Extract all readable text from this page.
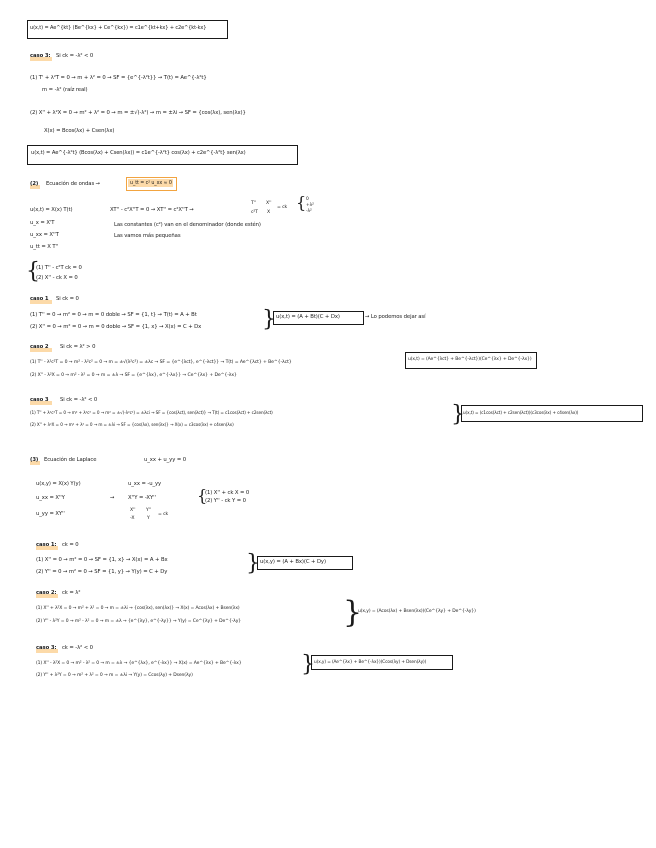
u(x,t) = Ae^{kt} (Be^{kx} + Ce^{kx}) = c1e^{kt+kx} + c2e^{kt-kx}
caso 3: Si ck = -λ² < 0
(1) T' + λ²T = 0 → m + λ² = 0 → SF = {e^{-λ²t}} → T(t) = Ae^{-λ²t}
m = -λ² (raíz real)
(2) X'' + λ²X = 0 → m² + λ² = 0 → m = ±√(-λ²) → m = ±λi → SF = {cos(λx), sen(λx)}
X(x) = Bcos(λx) + Csen(λx)
u(x,t) = Ae^{-λ²t} (Bcos(λx) + Csen(λx)) = c1e^{-λ²t} cos(λx) + c2e^{-λ²t} sen(λx)
(2) Ecuación de ondas →	u_tt = c² u_xx ≈ 0
u(x,t) = X(x) T(t)
u_x = X'T
u_xx = X''T
u_tt = X T''
XT'' - c²X''T = 0 → XT'' = c²X''T →
T''
c²T
X''
X
= ck { 0
+λ²
-λ²
Las constantes (c²) van en el denominador (donde estén)
Las vamos más pequeñas
{
(1) T'' - c²T ck = 0
(2) X'' - ck X = 0
caso 1 Si ck = 0
(1) T'' = 0 → m² = 0 → m = 0 doble → SF = {1, t} → T(t) = A + Bt
(2) X'' = 0 → m² = 0 → m = 0 doble → SF = {1, x} → X(x) = C + Dx	} u(x,t) = (A + Bt)(C + Dx)	→ Lo podemos dejar así
caso 2 Si ck = λ² > 0
(1) T'' - λ²c²T = 0 → m² - λ²c² = 0 → m = ±√(λ²c²) = ±λc → SF = {e^{λct}, e^{-λct}} → T(t) = Ae^{λct} + Be^{-λct}
(2) X'' - λ²X = 0 → m² - λ² = 0 → m = ±λ → SF = {e^{λx}, e^{-λx}} → Ce^{λx} + De^{-λx}
u(x,t) = (Ae^{λct} + Be^{-λct})(Ce^{λx} + De^{-λx})
caso 3 Si ck = -λ² < 0
(1) T'' + λ²c²T = 0 → m² + λ²c² = 0 → m² = ±√(-λ²c²) = ±λci → SF = {cos(λct), sen(λct)} → T(t) = c1cos(λct) + c2sen(λct)
(2) X'' + λ²X = 0 → m² + λ² = 0 → m = ±λi → SF = {cos(λx), sen(λx)} → X(x) = c3cos(λx) + c4sen(λx)	}
u(x,t) = (c1cos(λct) + c2sen(λct))(c3cos(λx) + c4sen(λx))
(3) Ecuación de Laplace	u_xx + u_yy = 0
u(x,y) = X(x) Y(y)	u_xx = -u_yy
u_xx = X''Y	→	X''Y = -XY''
u_yy = XY''
X'' Y''
-X	Y
= ck
{
(1) X'' + ck X = 0
(2) Y'' - ck Y = 0
caso 1: ck = 0
(1) X'' = 0 → m² = 0 → SF = {1, x} → X(x) = A + Bx
(2) Y'' = 0 → m² = 0 → SF = {1, y} → Y(y) = C + Dy	} u(x,y) = (A + Bx)(C + Dy)
caso 2: ck = λ²
(1) X'' + λ²X = 0 → m² + λ² = 0 → m = ±λi → {cos(λx), sen(λx)} → X(x) = Acos(λx) + Bsen(λx)
(2) Y'' - λ²Y = 0 → m² - λ² = 0 → m = ±λ → {e^{λy}, e^{-λy}} → Y(y) = Ce^{λy} + De^{-λy}	}
u(x,y) = (Acos(λx) + Bsen(λx))(Ce^{λy} + De^{-λy})
caso 3: ck = -λ² < 0
(1) X'' - λ²X = 0 → m² - λ² = 0 → m = ±λ → {e^{λx}, e^{-λx}} → X(x) = Ae^{λx} + Be^{-λx}
(2) Y'' + λ²Y = 0 → m² + λ² = 0 → m = ±λi → Y(y) = Ccos(λy) + Dsen(λy)	} u(x,y) = (Ae^{λx} + Be^{-λx})(Ccos(λy) + Dsen(λy))
